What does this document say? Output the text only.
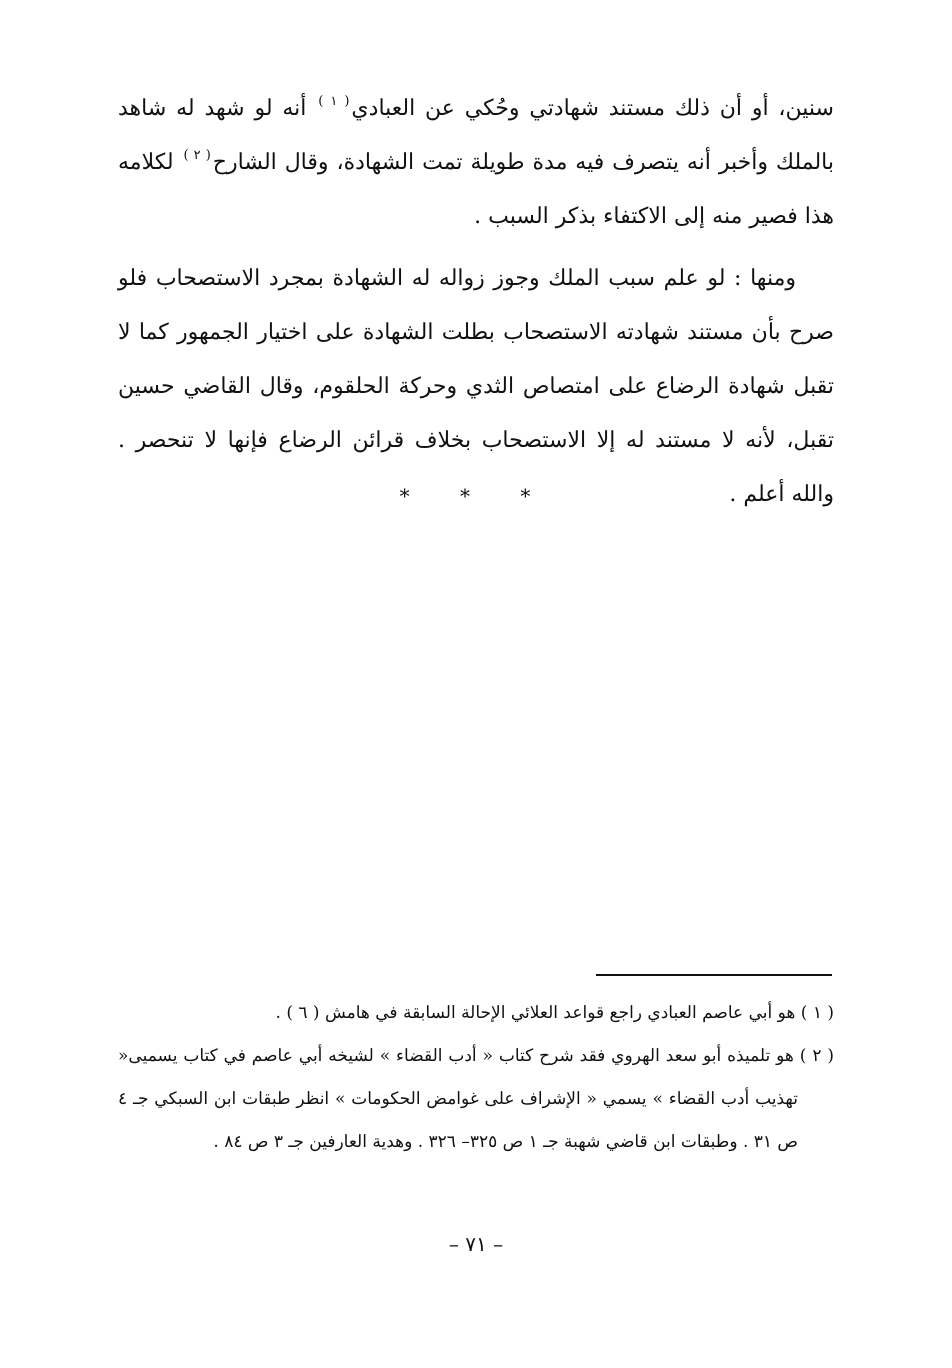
سنين، أو أن ذلك مستند شهادتي وحُكي عن العبادي$^{( ١ )}$ أنه لو شهد له شاهد بالملك وأخبر أنه يتصرف فيه مدة طويلة تمت الشهادة، وقال الشارح$^{( ٢ )}$ لكلامه هذا فصير منه إلى الاكتفاء بذكر السبب .

ومنها : لو علم سبب الملك وجوز زواله له الشهادة بمجرد الاستصحاب فلو صرح بأن مستند شهادته الاستصحاب بطلت الشهادة على اختيار الجمهور كما لا تقبل شهادة الرضاع على امتصاص الثدي وحركة الحلقوم، وقال القاضي حسين تقبل، لأنه لا مستند له إلا الاستصحاب بخلاف قرائن الرضاع فإنها لا تنحصر . والله أعلم .

* * *

( ١ ) هو أبي عاصم العبادي راجع قواعد العلائي الإحالة السابقة في هامش ( ٦ ) .

( ٢ ) هو تلميذه أبو سعد الهروي فقد شرح كتاب « أدب القضاء » لشيخه أبي عاصم في كتاب يسميى« تهذيب أدب القضاء » يسمي « الإشراف على غوامض الحكومات » انظر طبقات ابن السبكي جـ ٤ ص ٣١ . وطبقات ابن قاضي شهبة جـ ١ ص ٣٢٥– ٣٢٦ . وهدية العارفين جـ ٣ ص ٨٤ .

– ٧١ –
